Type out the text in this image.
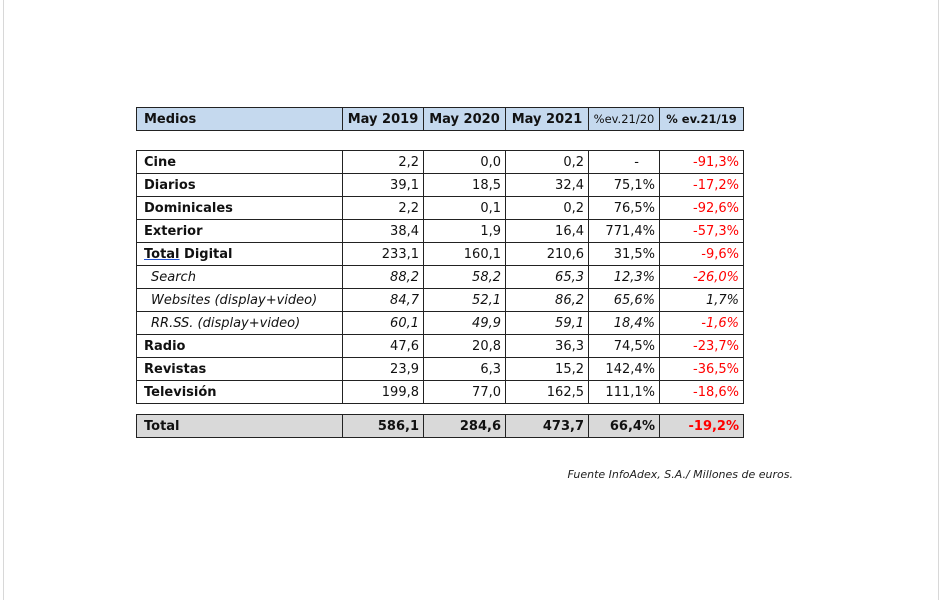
Medios	May 2019	May 2020	May 2021	%ev.21/20	% ev.21/19
Cine	2,2	0,0	0,2	-	-91,3%
Diarios	39,1	18,5	32,4	75,1%	-17,2%
Dominicales	2,2	0,1	0,2	76,5%	-92,6%
Exterior	38,4	1,9	16,4	771,4%	-57,3%
Total Digital	233,1	160,1	210,6	31,5%	-9,6%
Search	88,2	58,2	65,3	12,3%	-26,0%
Websites (display+video)	84,7	52,1	86,2	65,6%	1,7%
RR.SS. (display+video)	60,1	49,9	59,1	18,4%	-1,6%
Radio	47,6	20,8	36,3	74,5%	-23,7%
Revistas	23,9	6,3	15,2	142,4%	-36,5%
Televisión	199,8	77,0	162,5	111,1%	-18,6%
Total	586,1	284,6	473,7	66,4%	-19,2%
Fuente InfoAdex, S.A./ Millones de euros.
